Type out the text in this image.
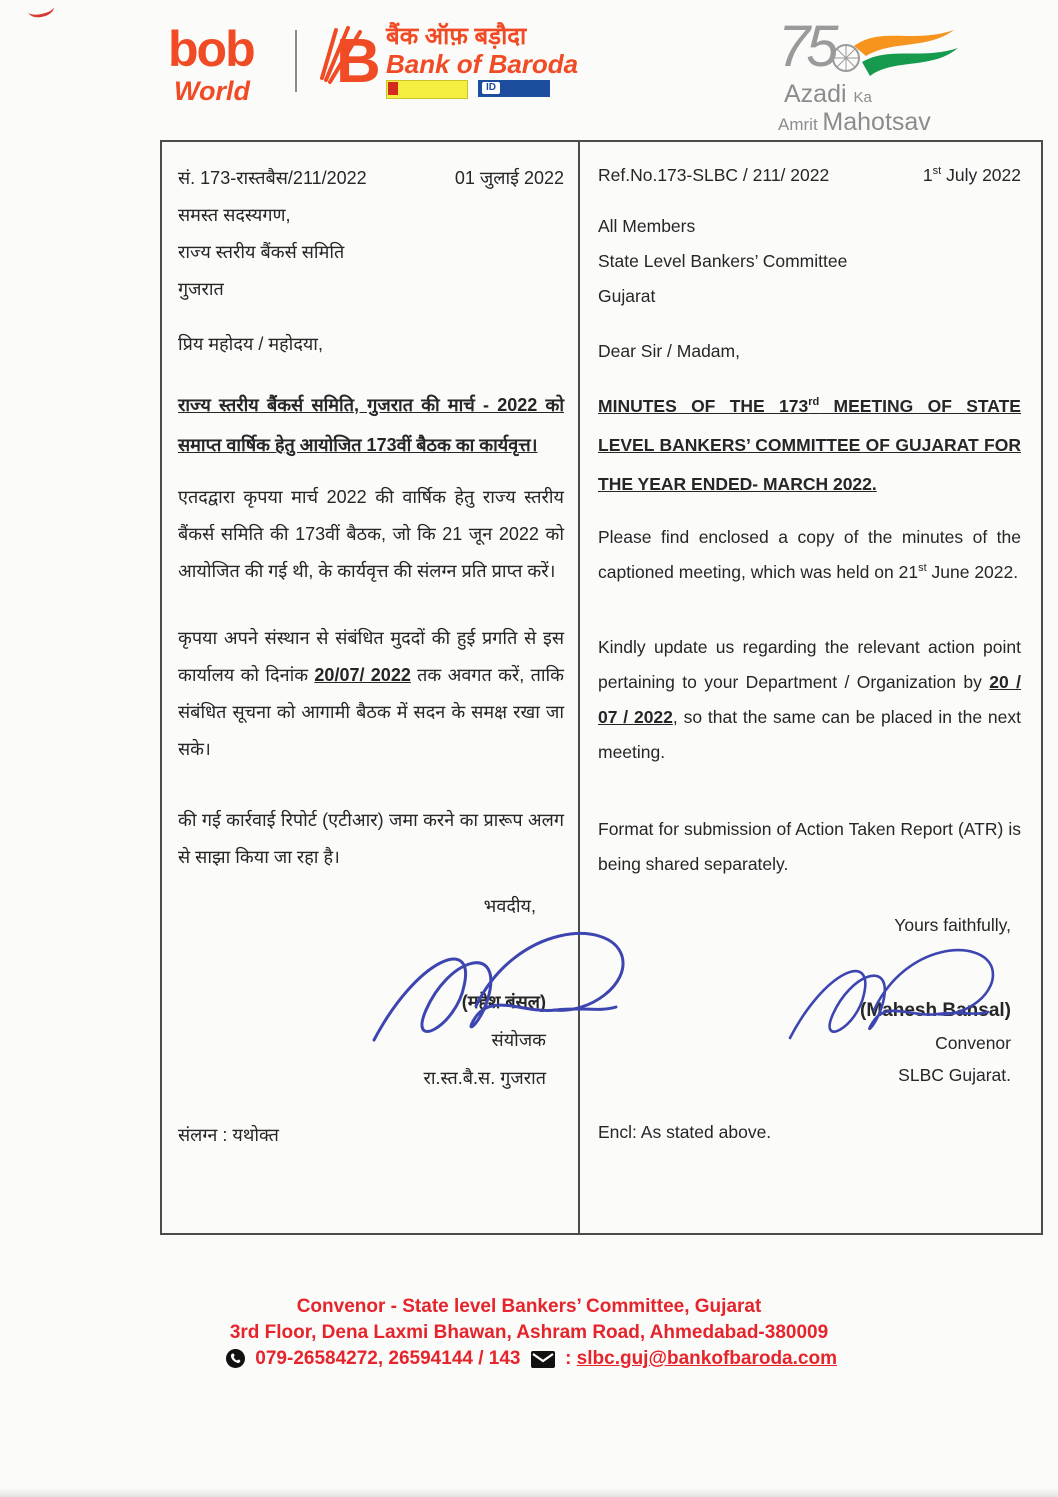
bob
World B बैंक ऑफ़ बड़ौदा
Bank of Baroda
ID
75
Azadi Ka
Amrit Mahotsav
सं. 173-रास्तबैस/211/2022	01 जुलाई 2022

समस्त सदस्यगण,

राज्य स्तरीय बैंकर्स समिति

गुजरात

प्रिय महोदय / महोदया,

राज्य स्तरीय बैंकर्स समिति, गुजरात की मार्च - 2022 को समाप्त वार्षिक हेतु आयोजित 173वीं बैठक का कार्यवृत्त।

एतदद्वारा कृपया मार्च 2022 की वार्षिक हेतु राज्य स्तरीय बैंकर्स समिति की 173वीं बैठक, जो कि 21 जून 2022 को आयोजित की गई थी, के कार्यवृत्त की संलग्न प्रति प्राप्त करें।

कृपया अपने संस्थान से संबंधित मुददों की हुई प्रगति से इस कार्यालय को दिनांक 20/07/ 2022 तक अवगत करें, ताकि संबंधित सूचना को आगामी बैठक में सदन के समक्ष रखा जा सके।

की गई कार्रवाई रिपोर्ट (एटीआर) जमा करने का प्रारूप अलग से साझा किया जा रहा है।

भवदीय,

(महेश बंसल)
संयोजक
रा.स्त.बै.स. गुजरात

संलग्न : यथोक्त

Ref.No.173-SLBC / 211/ 2022	1st July 2022

All Members

State Level Bankers’ Committee

Gujarat

Dear Sir / Madam,

MINUTES OF THE 173rd MEETING OF STATE LEVEL BANKERS’ COMMITTEE OF GUJARAT FOR THE YEAR ENDED- MARCH 2022.

Please find enclosed a copy of the minutes of the captioned meeting, which was held on 21st June 2022.

Kindly update us regarding the relevant action point pertaining to your Department / Organization by 20 / 07 / 2022, so that the same can be placed in the next meeting.

Format for submission of Action Taken Report (ATR) is being shared separately.

Yours faithfully,

(Mahesh Bansal)
Convenor
SLBC Gujarat.

Encl: As stated above.

Convenor - State level Bankers’ Committee, Gujarat
3rd Floor, Dena Laxmi Bhawan, Ashram Road, Ahmedabad-380009
079-26584272, 26594144 / 143 : slbc.guj@bankofbaroda.com
